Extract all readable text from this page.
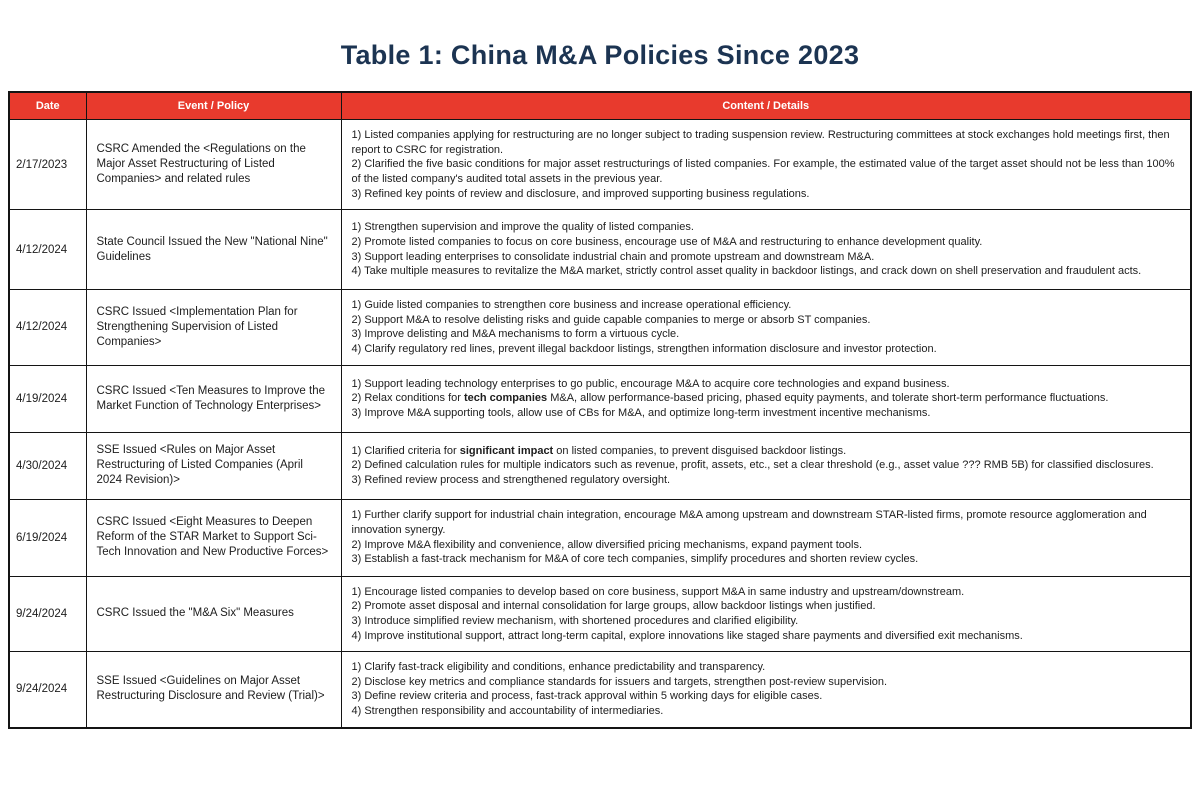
Table 1: China M&A Policies Since 2023
Date	Event / Policy	Content / Details
2/17/2023	CSRC Amended the <Regulations on the Major Asset Restructuring of Listed Companies> and related rules	1) Listed companies applying for restructuring are no longer subject to trading suspension review. Restructuring committees at stock exchanges hold meetings first, then report to CSRC for registration.
2) Clarified the five basic conditions for major asset restructurings of listed companies. For example, the estimated value of the target asset should not be less than 100% of the listed company's audited total assets in the previous year.
3) Refined key points of review and disclosure, and improved supporting business regulations.

4/12/2024	State Council Issued the New "National Nine" Guidelines	1) Strengthen supervision and improve the quality of listed companies.
2) Promote listed companies to focus on core business, encourage use of M&A and restructuring to enhance development quality.
3) Support leading enterprises to consolidate industrial chain and promote upstream and downstream M&A.
4) Take multiple measures to revitalize the M&A market, strictly control asset quality in backdoor listings, and crack down on shell preservation and fraudulent acts.

4/12/2024	CSRC Issued <Implementation Plan for Strengthening Supervision of Listed Companies>	1) Guide listed companies to strengthen core business and increase operational efficiency.
2) Support M&A to resolve delisting risks and guide capable companies to merge or absorb ST companies.
3) Improve delisting and M&A mechanisms to form a virtuous cycle.
4) Clarify regulatory red lines, prevent illegal backdoor listings, strengthen information disclosure and investor protection.

4/19/2024	CSRC Issued <Ten Measures to Improve the Market Function of Technology Enterprises>	1) Support leading technology enterprises to go public, encourage M&A to acquire core technologies and expand business.
2) Relax conditions for tech companies M&A, allow performance-based pricing, phased equity payments, and tolerate short-term performance fluctuations.
3) Improve M&A supporting tools, allow use of CBs for M&A, and optimize long-term investment incentive mechanisms.

4/30/2024	SSE Issued <Rules on Major Asset Restructuring of Listed Companies (April 2024 Revision)>	1) Clarified criteria for significant impact on listed companies, to prevent disguised backdoor listings.
2) Defined calculation rules for multiple indicators such as revenue, profit, assets, etc., set a clear threshold (e.g., asset value ??? RMB 5B) for classified disclosures.
3) Refined review process and strengthened regulatory oversight.

6/19/2024	CSRC Issued <Eight Measures to Deepen Reform of the STAR Market to Support Sci-Tech Innovation and New Productive Forces>	1) Further clarify support for industrial chain integration, encourage M&A among upstream and downstream STAR-listed firms, promote resource agglomeration and innovation synergy.
2) Improve M&A flexibility and convenience, allow diversified pricing mechanisms, expand payment tools.
3) Establish a fast-track mechanism for M&A of core tech companies, simplify procedures and shorten review cycles.

9/24/2024	CSRC Issued the "M&A Six" Measures	1) Encourage listed companies to develop based on core business, support M&A in same industry and upstream/downstream.
2) Promote asset disposal and internal consolidation for large groups, allow backdoor listings when justified.
3) Introduce simplified review mechanism, with shortened procedures and clarified eligibility.
4) Improve institutional support, attract long-term capital, explore innovations like staged share payments and diversified exit mechanisms.

9/24/2024	SSE Issued <Guidelines on Major Asset Restructuring Disclosure and Review (Trial)>	1) Clarify fast-track eligibility and conditions, enhance predictability and transparency.
2) Disclose key metrics and compliance standards for issuers and targets, strengthen post-review supervision.
3) Define review criteria and process, fast-track approval within 5 working days for eligible cases.
4) Strengthen responsibility and accountability of intermediaries.
